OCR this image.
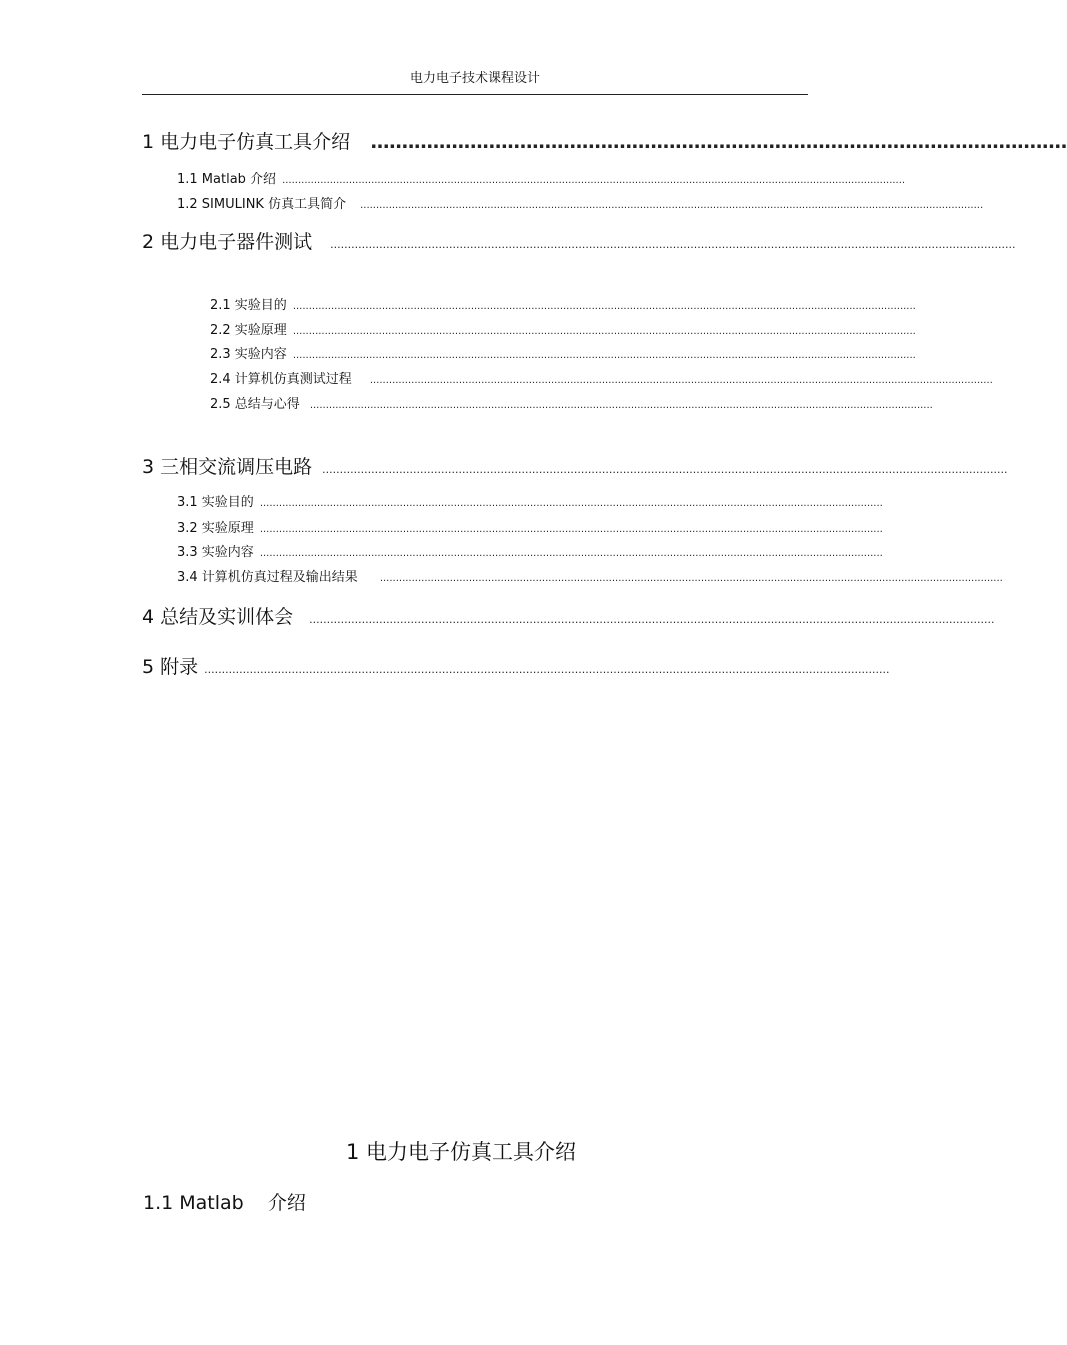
电力电子技术课程设计
1 电力电子仿真工具介绍 ................................................................................................................
1.1 Matlab 介绍 ....................................................................................................................................................................................................
1.2 SIMULINK 仿真工具简介 ....................................................................................................................................................................................................
2 电力电子器件测试 ....................................................................................................................................................................................................
2.1 实验目的 ....................................................................................................................................................................................................
2.2 实验原理 ....................................................................................................................................................................................................
2.3 实验内容 ....................................................................................................................................................................................................
2.4 计算机仿真测试过程 ....................................................................................................................................................................................................
2.5 总结与心得 ....................................................................................................................................................................................................
3 三相交流调压电路 ....................................................................................................................................................................................................
3.1 实验目的 ....................................................................................................................................................................................................
3.2 实验原理 ....................................................................................................................................................................................................
3.3 实验内容 ....................................................................................................................................................................................................
3.4 计算机仿真过程及输出结果 ....................................................................................................................................................................................................
4 总结及实训体会 ....................................................................................................................................................................................................
5 附录 ....................................................................................................................................................................................................
1 电力电子仿真工具介绍
1.1 Matlab    介绍
